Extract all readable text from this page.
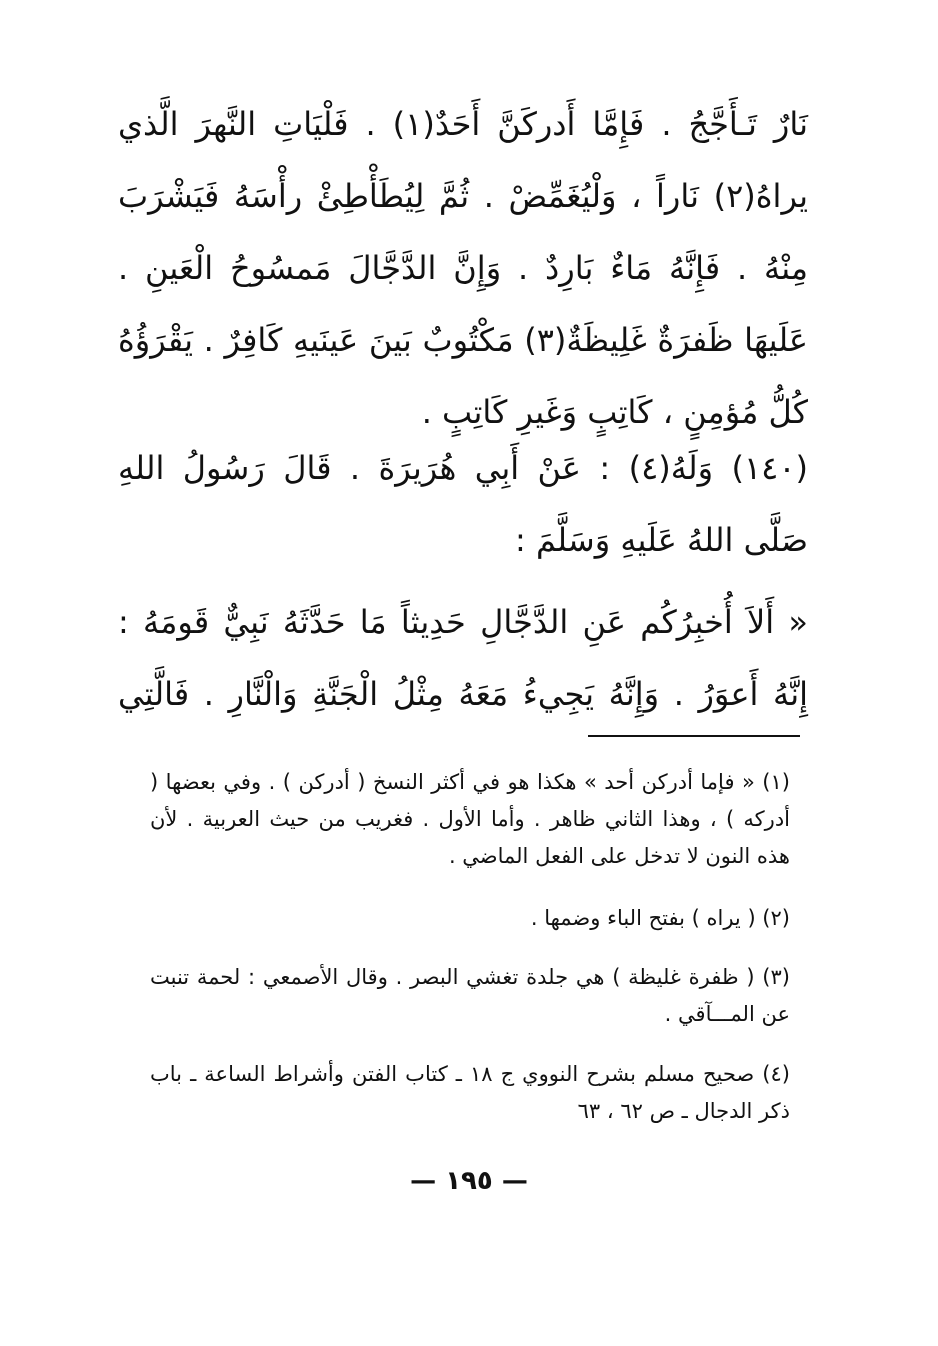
نَارٌ تَـأَجَّجُ . فَإِمَّا أَدركَنَّ أَحَدٌ(١) . فَلْيَاتِ النَّهرَ الَّذي يراهُ(٢) نَاراً ، وَلْيُغَمِّضْ . ثُمَّ لِيُطَأْطِئْ رأْسَهُ فَيَشْرَبَ مِنْهُ . فَإِنَّهُ مَاءٌ بَارِدٌ . وَإِنَّ الدَّجَّالَ مَمسُوحُ الْعَينِ . عَلَيهَا ظَفرَةٌ غَلِيظَةٌ(٣) مَكْتُوبٌ بَينَ عَينَيهِ كَافِرٌ . يَقْرَؤُهُ كُلُّ مُؤمِنٍ ، كَاتِبٍ وَغَيرِ كَاتِبٍ .

(١٤٠) وَلَهُ(٤) : عَنْ أَبِي هُرَيرَةَ . قَالَ رَسُولُ اللهِ صَلَّى اللهُ عَلَيهِ وَسَلَّمَ :

« أَلاَ أُخبِرُكُم عَنِ الدَّجَّالِ حَدِيثاً مَا حَدَّثَهُ نَبِيٌّ قَومَهُ : إِنَّهُ أَعوَرُ . وَإِنَّهُ يَجِيءُ مَعَهُ مِثْلُ الْجَنَّةِ وَالْنَّارِ . فَالَّتِي

(١) « فإما أدركن أحد » هكذا هو في أكثر النسخ ( أدركن ) . وفي بعضها ( أدركه ) ، وهذا الثاني ظاهر . وأما الأول . فغريب من حيث العربية . لأن هذه النون لا تدخل على الفعل الماضي .

(٢) ( يراه ) بفتح الباء وضمها .

(٣) ( ظفرة غليظة ) هي جلدة تغشي البصر . وقال الأصمعي : لحمة تنبت عن المـــآقي .

(٤) صحيح مسلم بشرح النووي ج ١٨ ـ كتاب الفتن وأشراط الساعة ـ باب ذكر الدجال ـ ص ٦٢ ، ٦٣

— ١٩٥ —
